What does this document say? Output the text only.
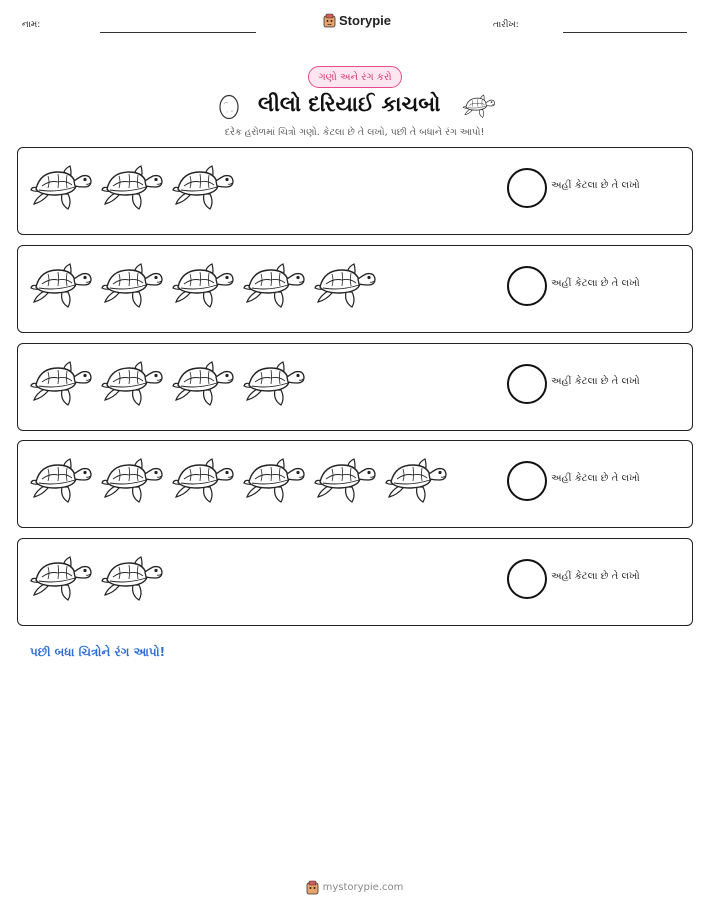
નામ:	Storypie	તારીખ:
ગણો અને રંગ કરો
લીલો દરિયાઈ કાચબો
દરેક હરોળમાં ચિત્રો ગણો. કેટલા છે તે લખો, પછી તે બધાને રંગ આપો!
અહીં કેટલા છે તે લખો
અહીં કેટલા છે તે લખો
અહીં કેટલા છે તે લખો
અહીં કેટલા છે તે લખો
અહીં કેટલા છે તે લખો
પછી બધા ચિત્રોને રંગ આપો!
mystorypie.com
